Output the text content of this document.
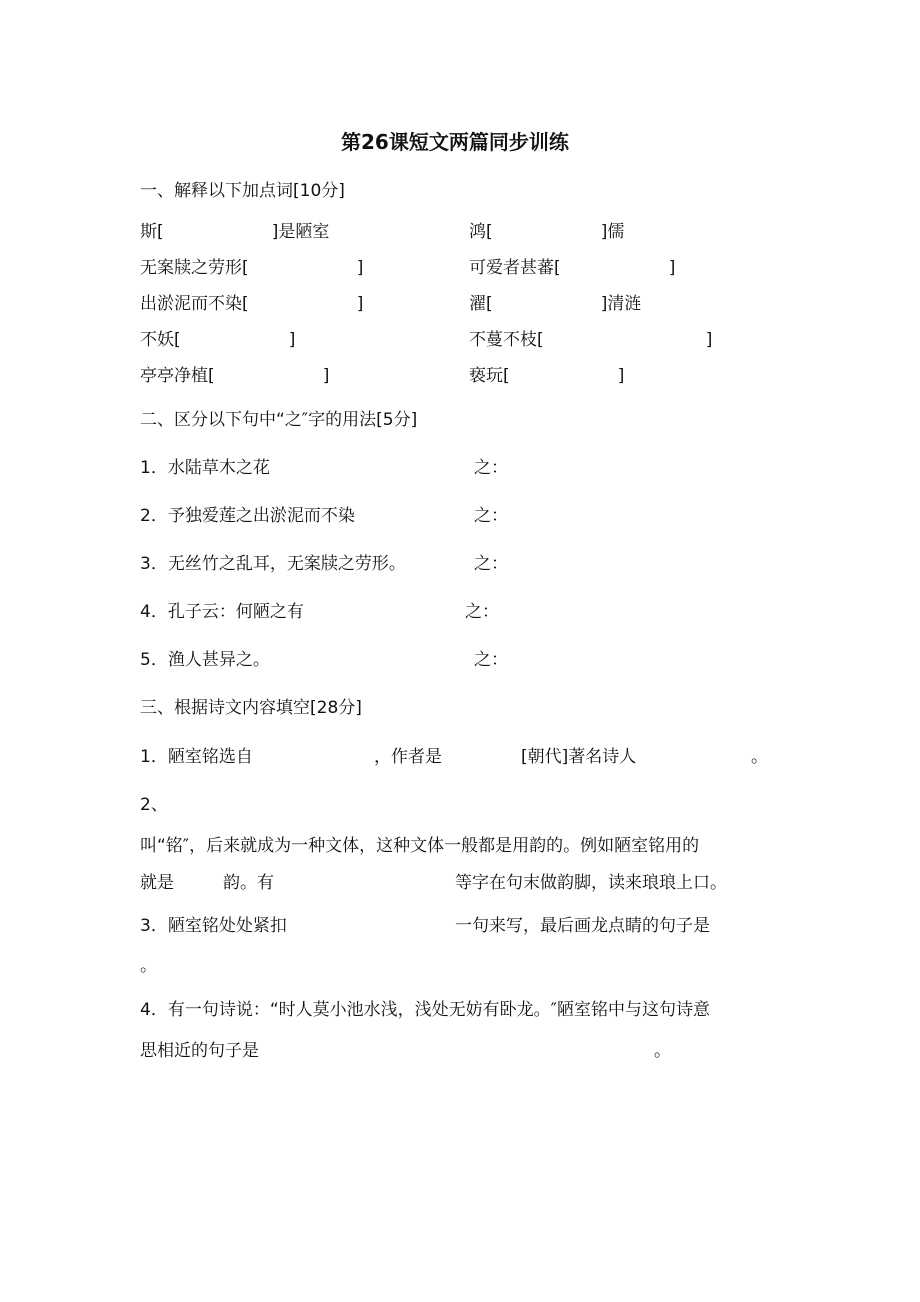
第26课短文两篇同步训练
一、解释以下加点词[10分]
斯[                    ]是陋室	鸿[                    ]儒
无案牍之劳形[                    ]	可爱者甚蕃[                    ]
出淤泥而不染[                    ]	濯[                    ]清涟
不妖[                    ]	不蔓不枝[                              ]
亭亭净植[                    ]	亵玩[                    ]
二、区分以下句中“之″字的用法[5分]
1．水陆草木之花	之：
2．予独爱莲之出淤泥而不染	之：
3．无丝竹之乱耳，无案牍之劳形。	之：
4．孔子云：何陋之有	之：
5．渔人甚异之。	之：
三、根据诗文内容填空[28分]
1．陋室铭选自	，作者是	[朝代]著名诗人	。
2、
叫“铭″，后来就成为一种文体，这种文体一般都是用韵的。例如陋室铭用的
就是	韵。有	等字在句末做韵脚，读来琅琅上口。
3．陋室铭处处紧扣	一句来写，最后画龙点睛的句子是
。
4．有一句诗说：“时人莫小池水浅，浅处无妨有卧龙。″陋室铭中与这句诗意
思相近的句子是	。
